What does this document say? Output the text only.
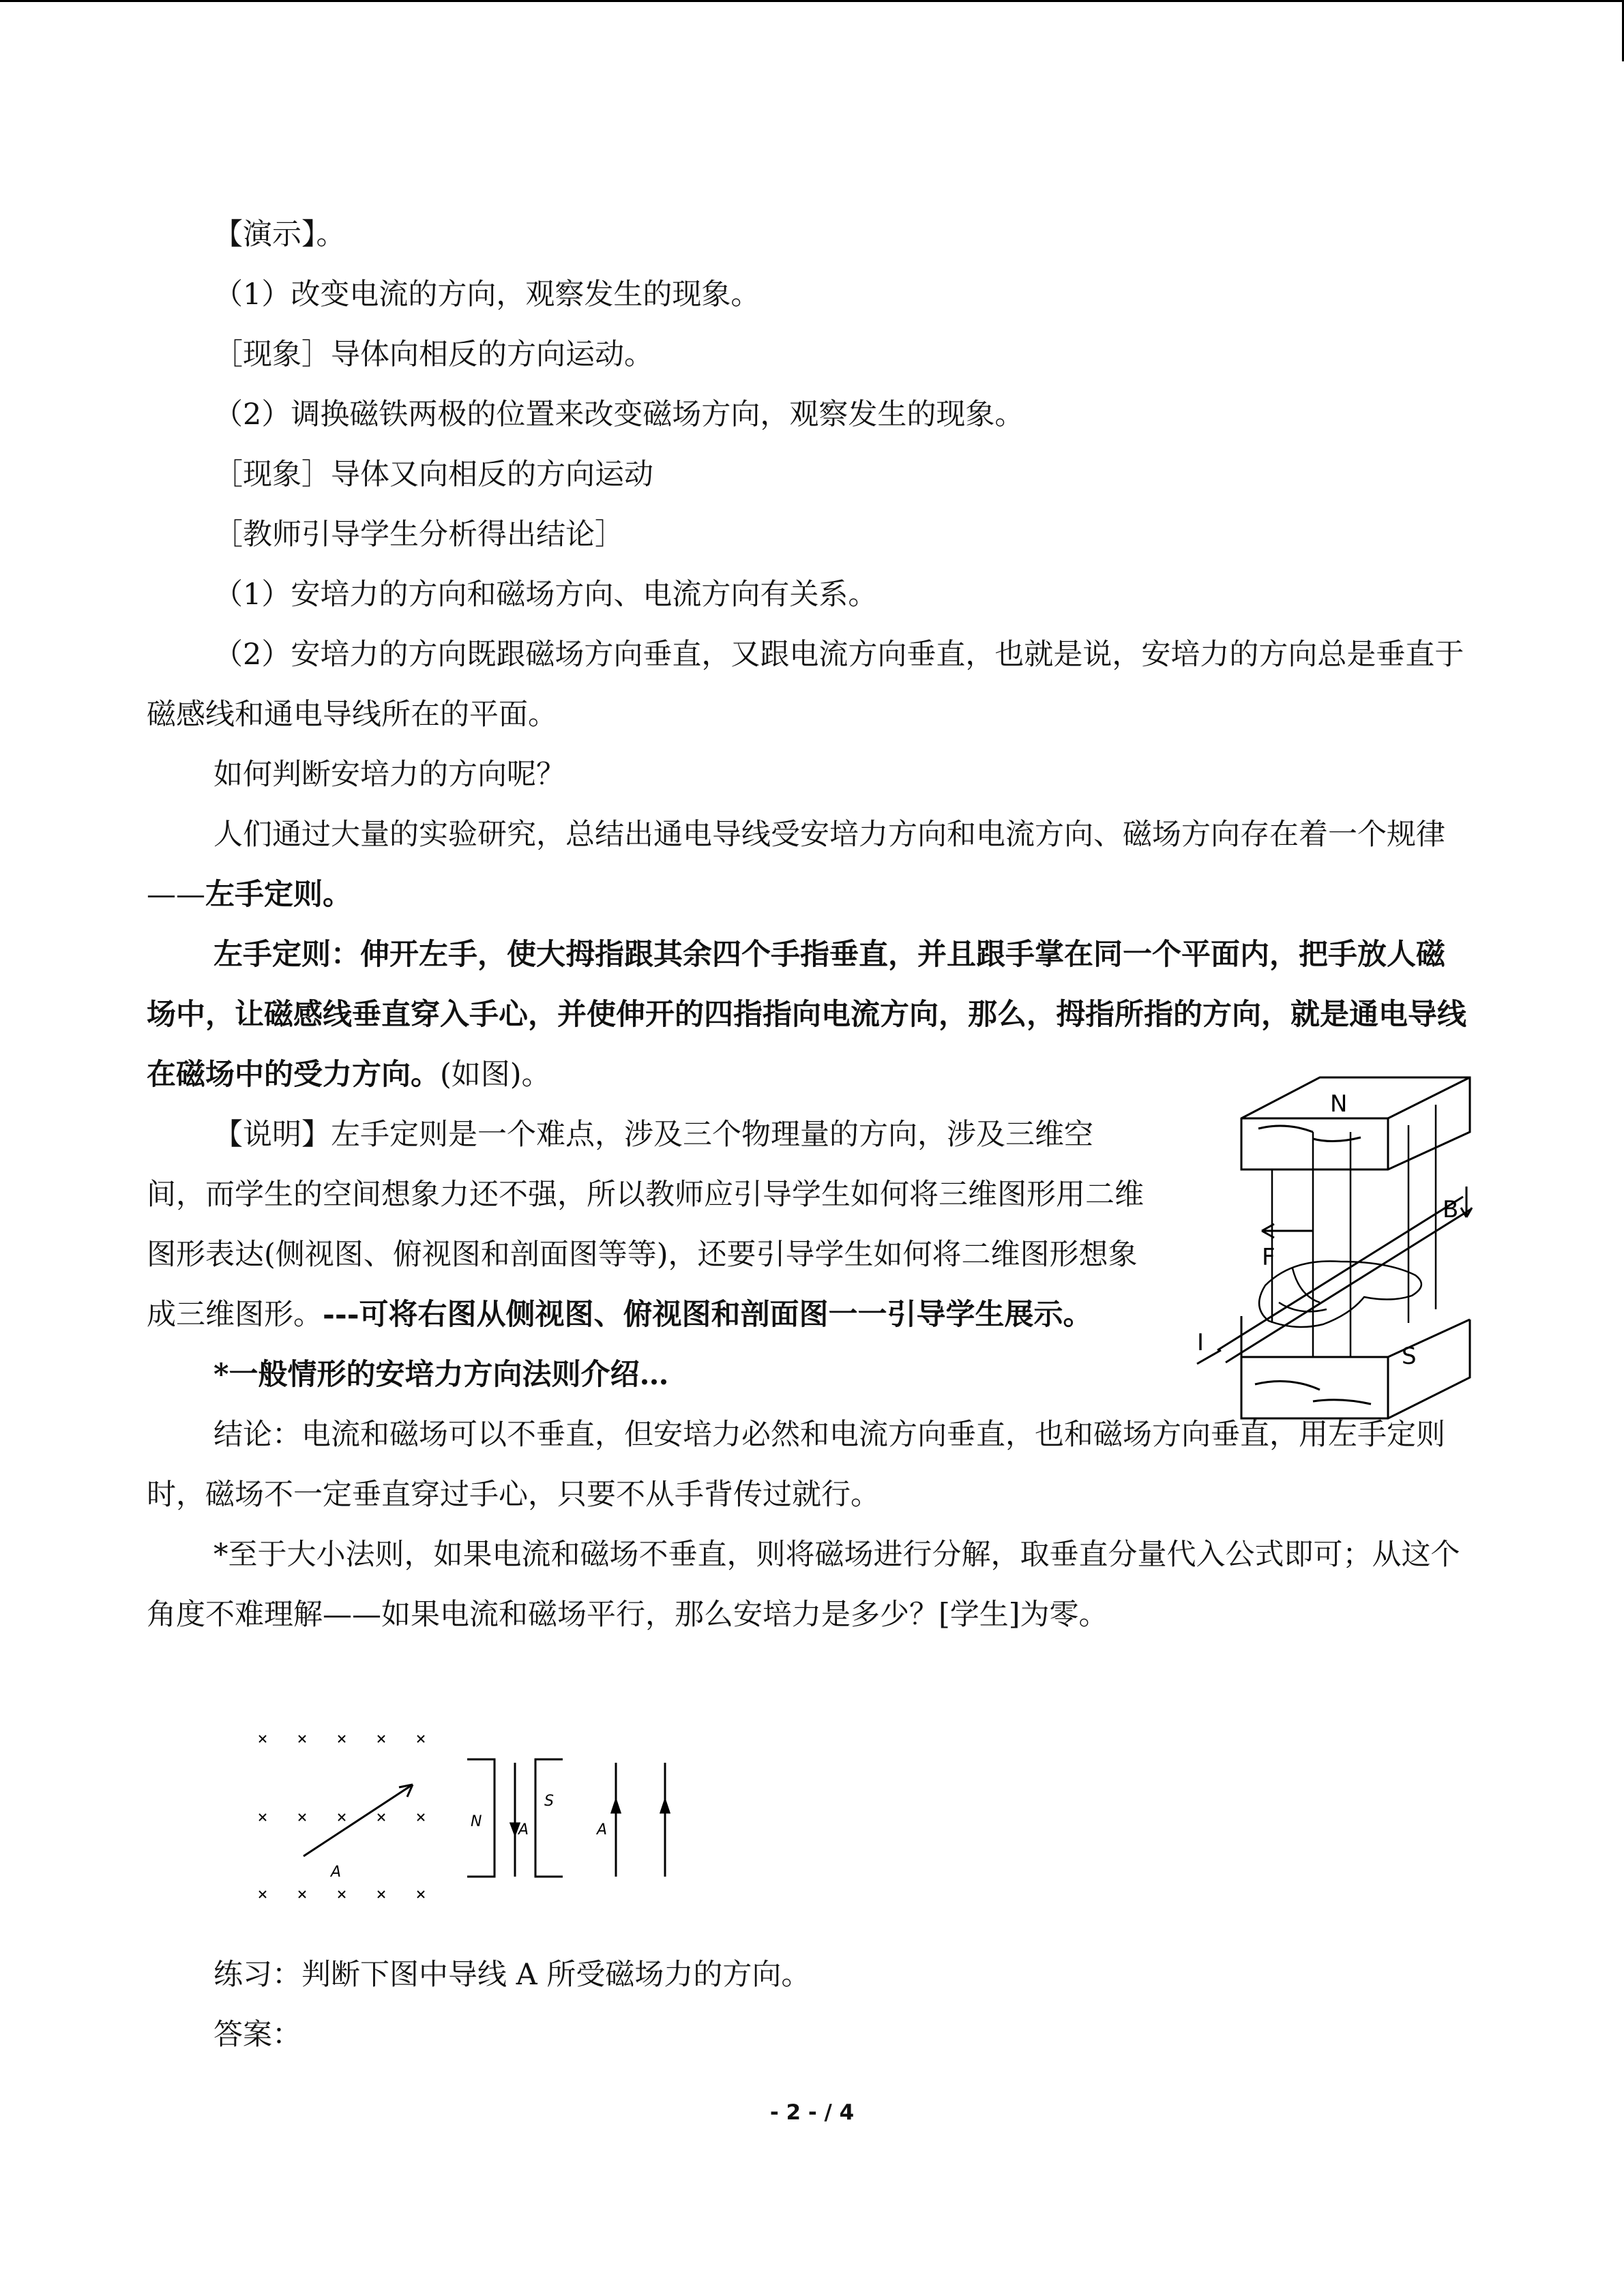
【演示】。

（1）改变电流的方向，观察发生的现象。

［现象］导体向相反的方向运动。

（2）调换磁铁两极的位置来改变磁场方向，观察发生的现象。

［现象］导体又向相反的方向运动

［教师引导学生分析得出结论］

（1）安培力的方向和磁场方向、电流方向有关系。

（2）安培力的方向既跟磁场方向垂直，又跟电流方向垂直，也就是说，安培力的方向总是垂直于磁感线和通电导线所在的平面。

如何判断安培力的方向呢？

人们通过大量的实验研究，总结出通电导线受安培力方向和电流方向、磁场方向存在着一个规律——左手定则。

左手定则：伸开左手，使大拇指跟其余四个手指垂直，并且跟手掌在同一个平面内，把手放人磁场中，让磁感线垂直穿入手心，并使伸开的四指指向电流方向，那么，拇指所指的方向，就是通电导线在磁场中的受力方向。(如图)。

【说明】左手定则是一个难点，涉及三个物理量的方向，涉及三维空间，而学生的空间想象力还不强，所以教师应引导学生如何将三维图形用二维图形表达(侧视图、俯视图和剖面图等等)，还要引导学生如何将二维图形想象成三维图形。---可将右图从侧视图、俯视图和剖面图一一引导学生展示。

*一般情形的安培力方向法则介绍…

结论：电流和磁场可以不垂直，但安培力必然和电流方向垂直，也和磁场方向垂直，用左手定则时，磁场不一定垂直穿过手心，只要不从手背传过就行。

*至于大小法则，如果电流和磁场不垂直，则将磁场进行分解，取垂直分量代入公式即可；从这个角度不难理解——如果电流和磁场平行，那么安培力是多少？[学生]为零。

练习：判断下图中导线 A 所受磁场力的方向。

答案：

N
S
B
F
I
A
N A
S
A
- 2 - / 4
